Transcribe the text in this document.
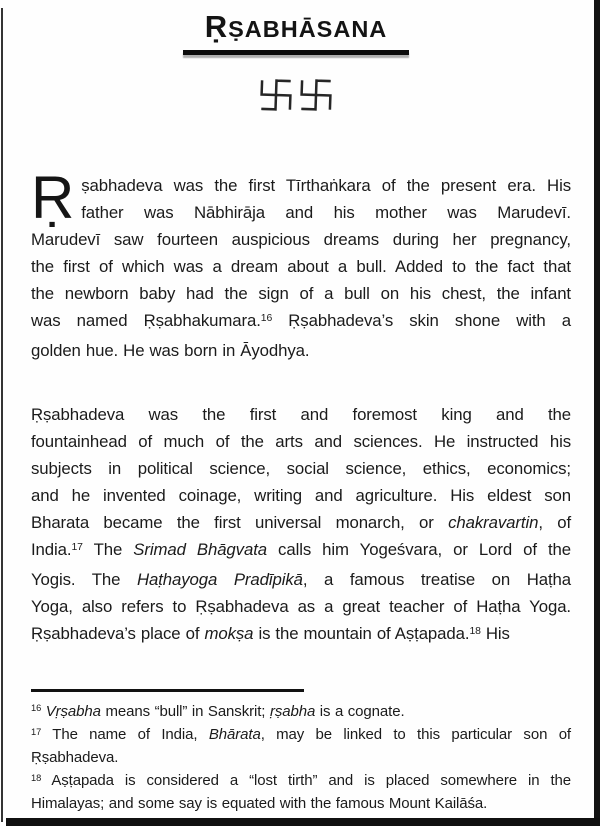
ṚṢABHĀSANA

Ṛ ṣabhadeva was the first Tīrthaṅkara of the present era. His
father was Nābhirāja and his mother was Marudevī.
Marudevī saw fourteen auspicious dreams during her pregnancy,
the first of which was a dream about a bull. Added to the fact that
the newborn baby had the sign of a bull on his chest, the infant
was named Ṛṣabhakumara.$^{16}$ Ṛṣabhadeva’s skin shone with a
golden hue. He was born in Āyodhya.
Ṛṣabhadeva was the first and foremost king and the
fountainhead of much of the arts and sciences. He instructed his
subjects in political science, social science, ethics, economics;
and he invented coinage, writing and agriculture. His eldest son
Bharata became the first universal monarch, or chakravartin, of
India.$^{17}$ The Srimad Bhāgvata calls him Yogeśvara, or Lord of the
Yogis. The Haṭhayoga Pradīpikā, a famous treatise on Haṭha
Yoga, also refers to Ṛṣabhadeva as a great teacher of Haṭha Yoga.
Ṛṣabhadeva’s place of mokṣa is the mountain of Aṣṭapada.$^{18}$ His
$^{16}$ Vṛṣabha means “bull” in Sanskrit; ṛṣabha is a cognate.
$^{17}$ The name of India, Bhārata, may be linked to this particular son of
Ṛṣabhadeva.
$^{18}$ Aṣṭapada is considered a “lost tirth” and is placed somewhere in the
Himalayas; and some say is equated with the famous Mount Kailāśa.
